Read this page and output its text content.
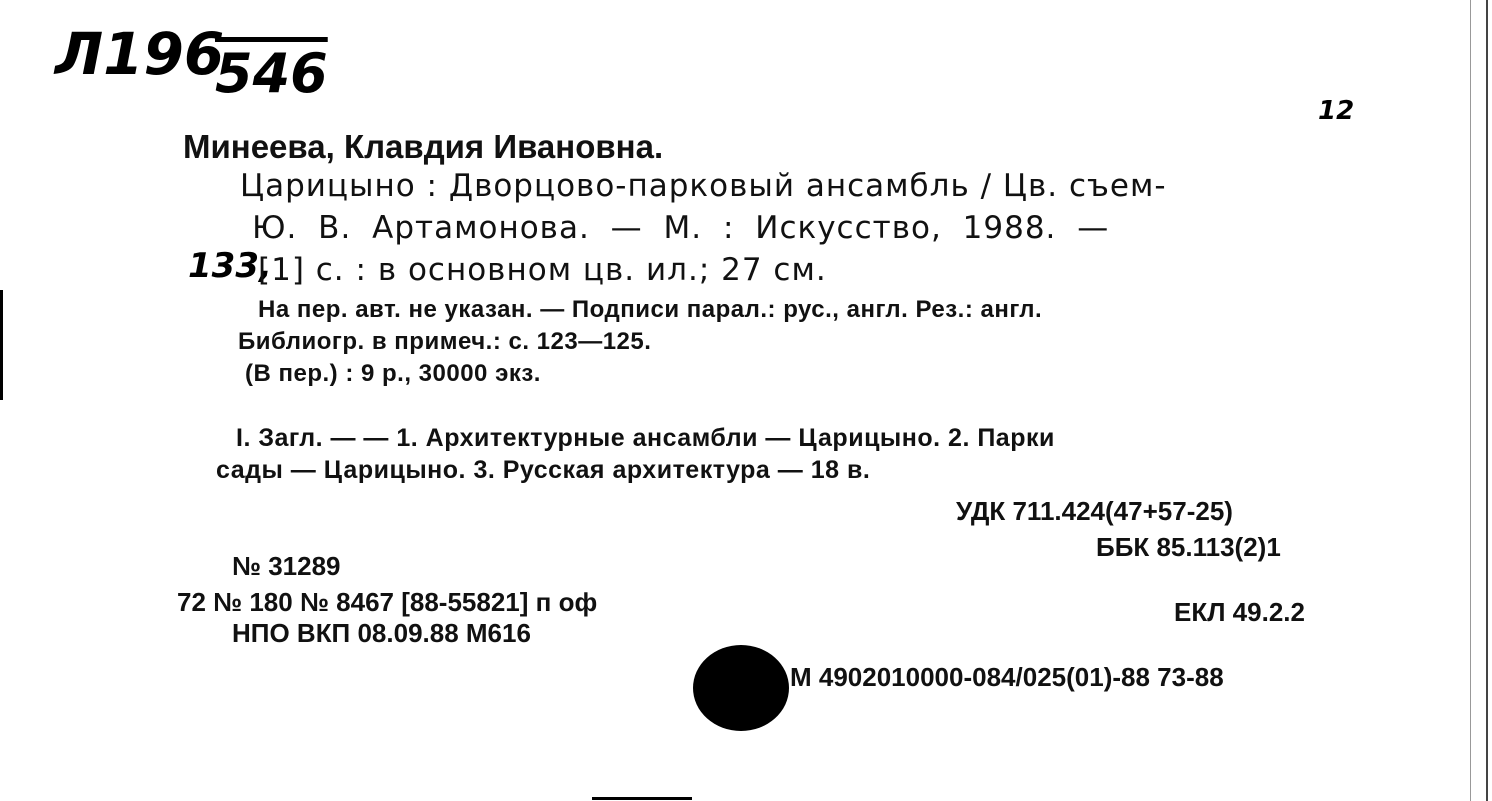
Л196
546
12
Минеева, Клавдия Ивановна.
Царицыно : Дворцово-парковый ансамбль / Цв. съем-
Ю. В. Артамонова. — М. : Искусство, 1988. —
133,
[1] с. : в основном цв. ил.; 27 см.
На пер. авт. не указан. — Подписи парал.: рус., англ. Рез.: англ.
Библиогр. в примеч.: с. 123—125.
(В пер.) : 9 р., 30000 экз.
I. Загл. — — 1. Архитектурные ансамбли — Царицыно. 2. Парки
сады — Царицыно. 3. Русская архитектура — 18 в.
УДК 711.424(47+57-25)
ББК 85.113(2)1
№ 31289
72 № 180 № 8467 [88-55821] п оф	ЕКЛ 49.2.2
НПО ВКП 08.09.88 М616
М 4902010000-084/025(01)-88 73-88
